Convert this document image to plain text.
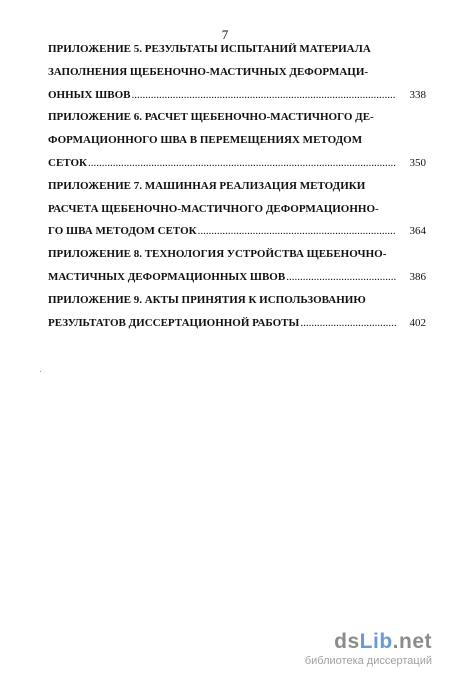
7
ПРИЛОЖЕНИЕ 5. РЕЗУЛЬТАТЫ ИСПЫТАНИЙ МАТЕРИАЛА
ЗАПОЛНЕНИЯ ЩЕБЕНОЧНО-МАСТИЧНЫХ ДЕФОРМАЦИ-
ОННЫХ ШВОВ .....	338
ПРИЛОЖЕНИЕ 6. РАСЧЕТ ЩЕБЕНОЧНО-МАСТИЧНОГО ДЕ-
ФОРМАЦИОННОГО ШВА В ПЕРЕМЕЩЕНИЯХ МЕТОДОМ
СЕТОК .....	350
ПРИЛОЖЕНИЕ 7. МАШИННАЯ РЕАЛИЗАЦИЯ МЕТОДИКИ
РАСЧЕТА ЩЕБЕНОЧНО-МАСТИЧНОГО ДЕФОРМАЦИОННО-
ГО ШВА МЕТОДОМ СЕТОК .....	364
ПРИЛОЖЕНИЕ 8. ТЕХНОЛОГИЯ УСТРОЙСТВА ЩЕБЕНОЧНО-
МАСТИЧНЫХ ДЕФОРМАЦИОННЫХ ШВОВ .....	386
ПРИЛОЖЕНИЕ 9. АКТЫ ПРИНЯТИЯ К ИСПОЛЬЗОВАНИЮ
РЕЗУЛЬТАТОВ ДИССЕРТАЦИОННОЙ РАБОТЫ .....	402
dsLib.net
библиотека диссертаций
